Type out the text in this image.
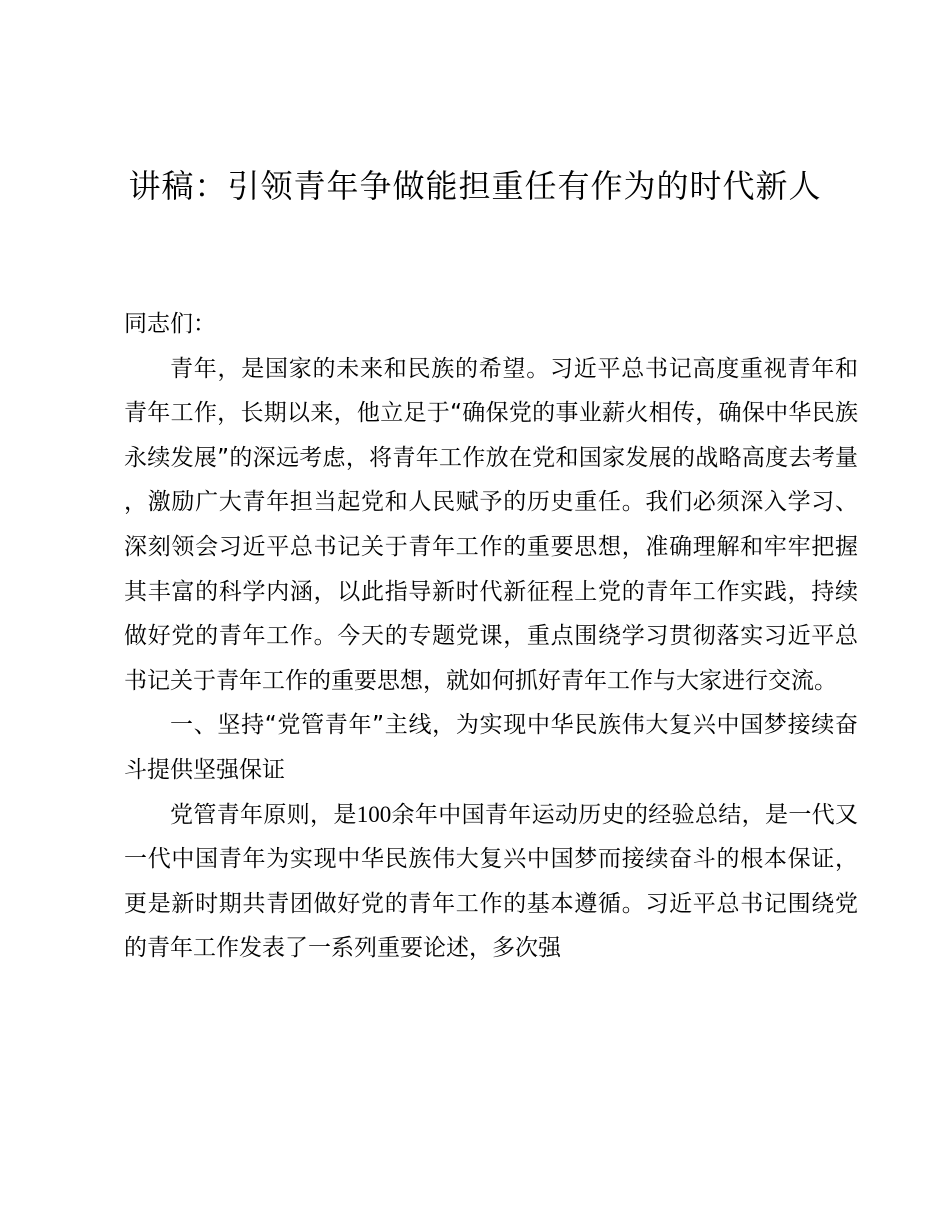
讲稿：引领青年争做能担重任有作为的时代新人

同志们：

青年，是国家的未来和民族的希望。习近平总书记高度重视青年和青年工作，长期以来，他立足于“确保党的事业薪火相传，确保中华民族永续发展”的深远考虑，将青年工作放在党和国家发展的战略高度去考量，激励广大青年担当起党和人民赋予的历史重任。我们必须深入学习、深刻领会习近平总书记关于青年工作的重要思想，准确理解和牢牢把握其丰富的科学内涵，以此指导新时代新征程上党的青年工作实践，持续做好党的青年工作。今天的专题党课，重点围绕学习贯彻落实习近平总书记关于青年工作的重要思想，就如何抓好青年工作与大家进行交流。

一、坚持“党管青年”主线，为实现中华民族伟大复兴中国梦接续奋斗提供坚强保证

党管青年原则，是100余年中国青年运动历史的经验总结，是一代又一代中国青年为实现中华民族伟大复兴中国梦而接续奋斗的根本保证，更是新时期共青团做好党的青年工作的基本遵循。习近平总书记围绕党的青年工作发表了一系列重要论述，多次强
